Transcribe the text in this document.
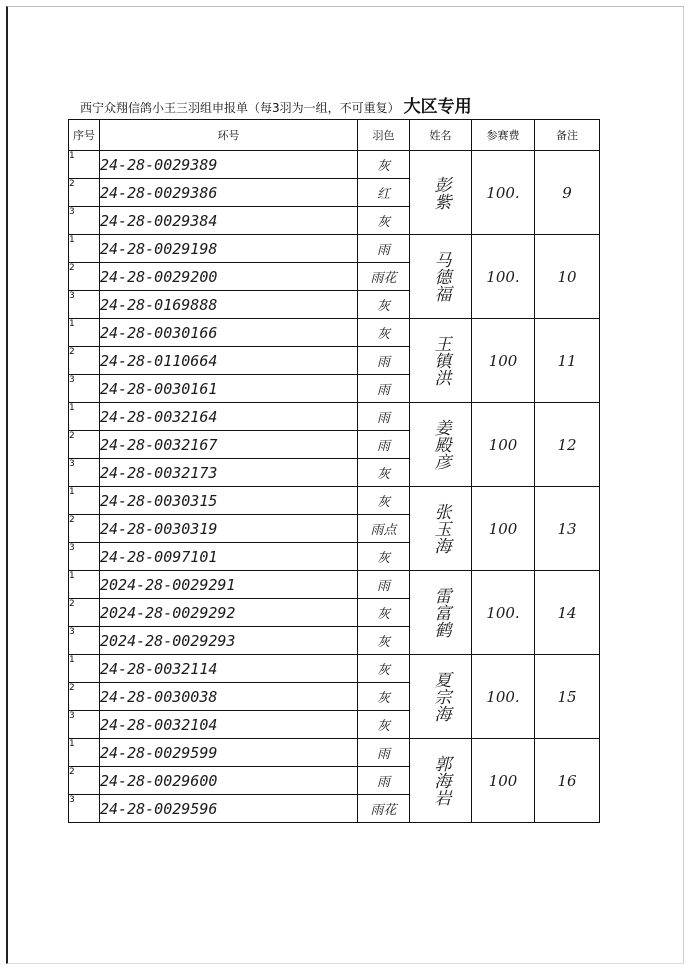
西宁众翔信鸽小王三羽组申报单（每3羽为一组，不可重复） 大区专用
序号	环号	羽色	姓名	参赛费	备注
1	24-28-0029389	灰	彭紫	100.	9
2	24-28-0029386	红			
3	24-28-0029384	灰			
1	24-28-0029198	雨	马德福	100.	10
2	24-28-0029200	雨花			
3	24-28-0169888	灰			
1	24-28-0030166	灰	王镇洪	100	11
2	24-28-0110664	雨			
3	24-28-0030161	雨			
1	24-28-0032164	雨	姜殿彦	100	12
2	24-28-0032167	雨			
3	24-28-0032173	灰			
1	24-28-0030315	灰	张玉海	100	13
2	24-28-0030319	雨点			
3	24-28-0097101	灰			
1	2024-28-0029291	雨	雷富鹤	100.	14
2	2024-28-0029292	灰			
3	2024-28-0029293	灰			
1	24-28-0032114	灰	夏宗海	100.	15
2	24-28-0030038	灰			
3	24-28-0032104	灰			
1	24-28-0029599	雨	郭海岩	100	16
2	24-28-0029600	雨			
3	24-28-0029596	雨花			
